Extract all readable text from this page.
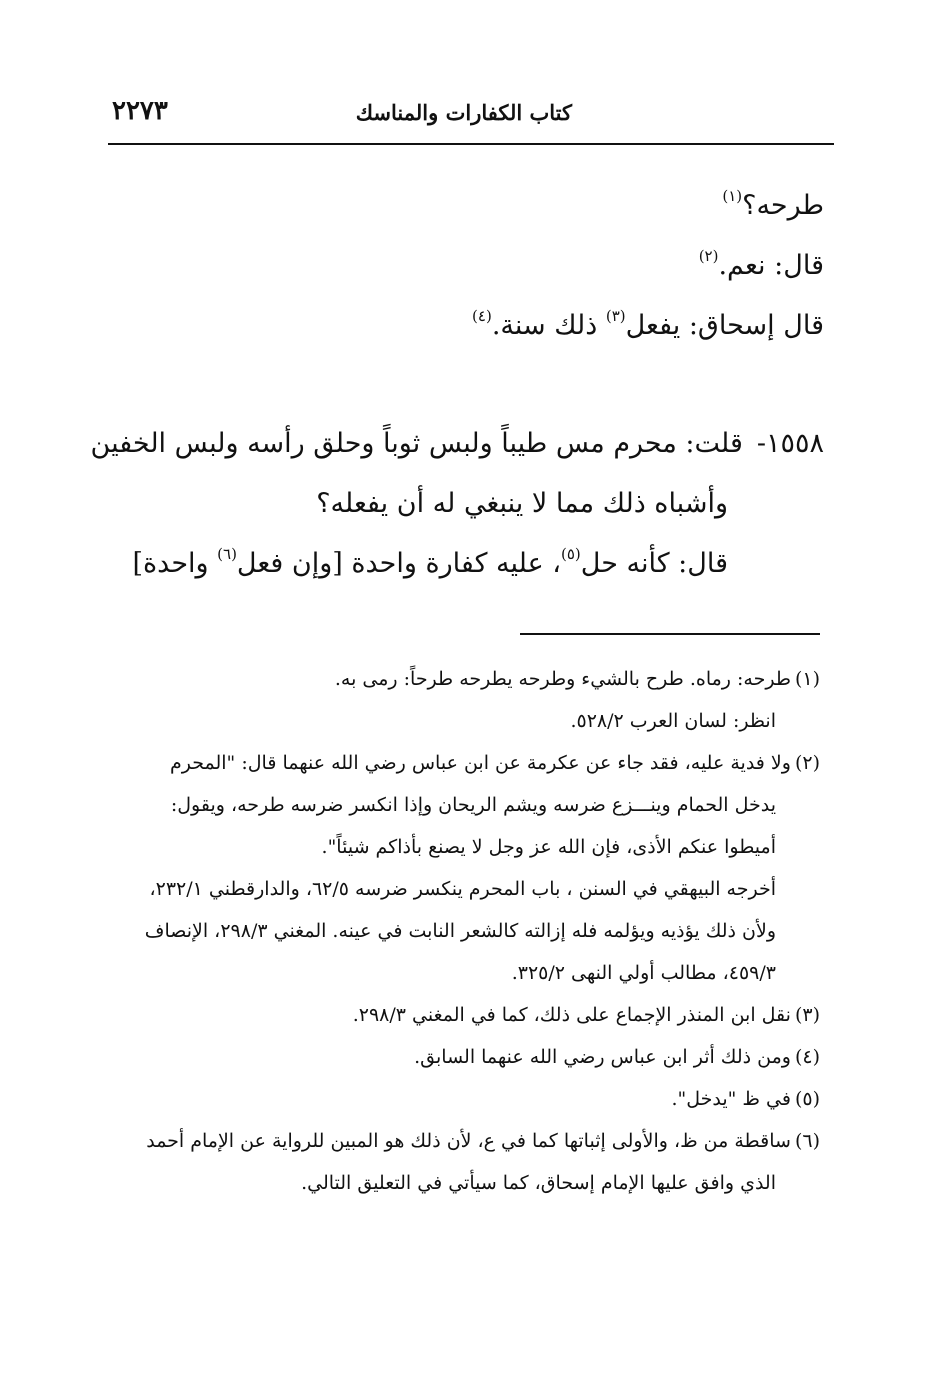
كتاب الكفارات والمناسك
٢٢٧٣
طرحه؟$^{(١)}$
قال: نعم.$^{(٢)}$
قال إسحاق: يفعل$^{(٣)}$ ذلك سنة.$^{(٤)}$
١٥٥٨-قلت: محرم مس طيباً ولبس ثوباً وحلق رأسه ولبس الخفين
وأشباه ذلك مما لا ينبغي له أن يفعله؟
قال: كأنه حل$^{(٥)}$، عليه كفارة واحدة [وإن فعل$^{(٦)}$ واحدة]
(١)طرحه: رماه. طرح بالشيء وطرحه يطرحه طرحاً: رمى به.
انظر: لسان العرب ٥٢٨/٢.
(٢)ولا فدية عليه، فقد جاء عن عكرمة عن ابن عباس رضي الله عنهما قال: "المحرم
يدخل الحمام وينـــزع ضرسه ويشم الريحان وإذا انكسر ضرسه طرحه، ويقول:
أميطوا عنكم الأذى، فإن الله عز وجل لا يصنع بأذاكم شيئاً".
أخرجه البيهقي في السنن ، باب المحرم ينكسر ضرسه ٦٢/٥، والدارقطني ٢٣٢/١،
ولأن ذلك يؤذيه ويؤلمه فله إزالته كالشعر النابت في عينه. المغني ٢٩٨/٣، الإنصاف
٤٥٩/٣، مطالب أولي النهى ٣٢٥/٢.
(٣)نقل ابن المنذر الإجماع على ذلك، كما في المغني ٢٩٨/٣.
(٤)ومن ذلك أثر ابن عباس رضي الله عنهما السابق.
(٥)في ظ "يدخل".
(٦)ساقطة من ظ، والأولى إثباتها كما في ع، لأن ذلك هو المبين للرواية عن الإمام أحمد
الذي وافق عليها الإمام إسحاق، كما سيأتي في التعليق التالي.
